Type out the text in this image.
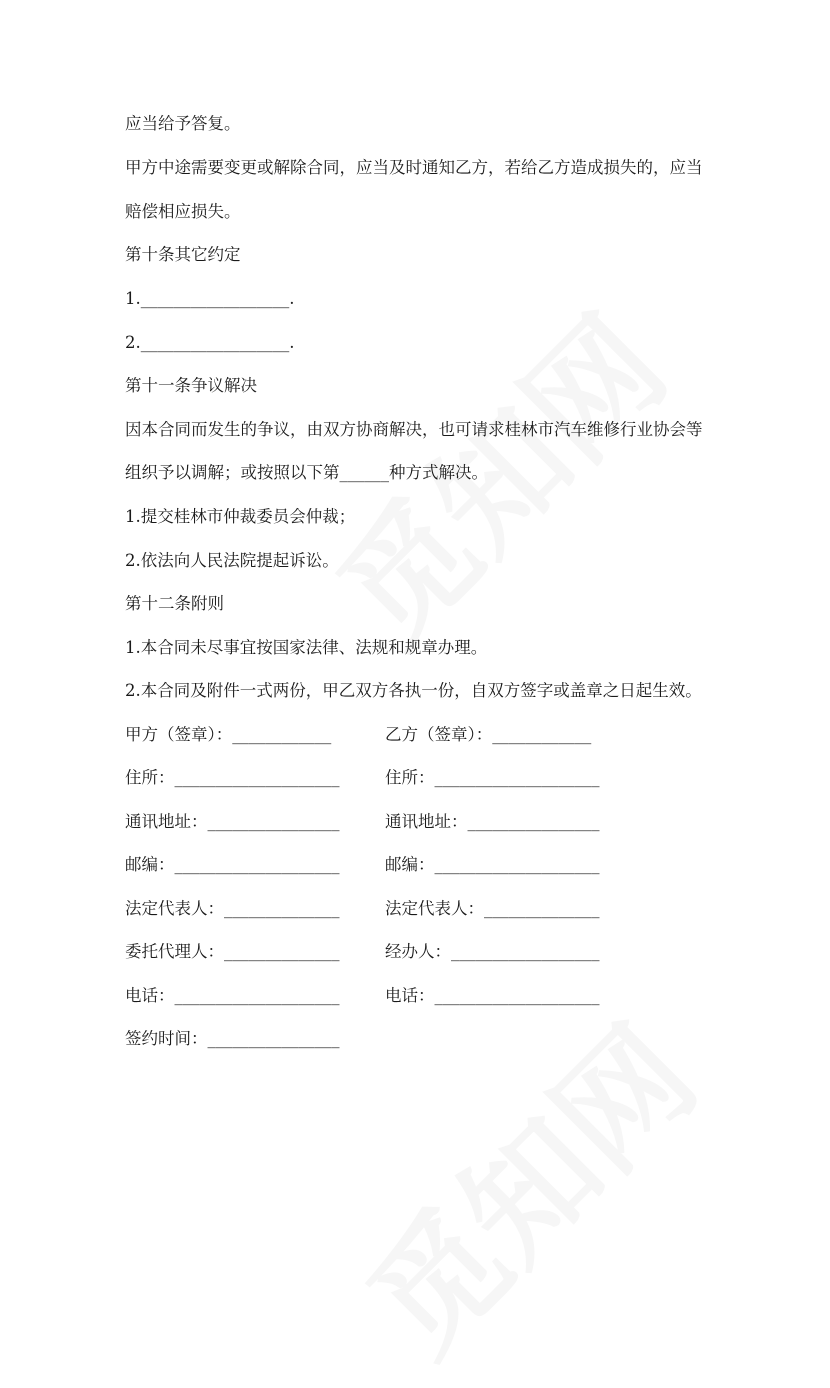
应当给予答复。
甲方中途需要变更或解除合同，应当及时通知乙方，若给乙方造成损失的，应当
赔偿相应损失。
第十条其它约定
1.__________________.
2.__________________.
第十一条争议解决
因本合同而发生的争议，由双方协商解决，也可请求桂林市汽车维修行业协会等
组织予以调解；或按照以下第______种方式解决。
1.提交桂林市仲裁委员会仲裁；
2.依法向人民法院提起诉讼。
第十二条附则
1.本合同未尽事宜按国家法律、法规和规章办理。
2.本合同及附件一式两份，甲乙双方各执一份，自双方签字或盖章之日起生效。
甲方（签章）：____________	乙方（签章）：____________
住所：____________________	住所：____________________
通讯地址：________________	通讯地址：________________
邮编：____________________	邮编：____________________
法定代表人：______________	法定代表人：______________
委托代理人：______________	经办人：__________________
电话：____________________	电话：____________________
签约时间：________________
